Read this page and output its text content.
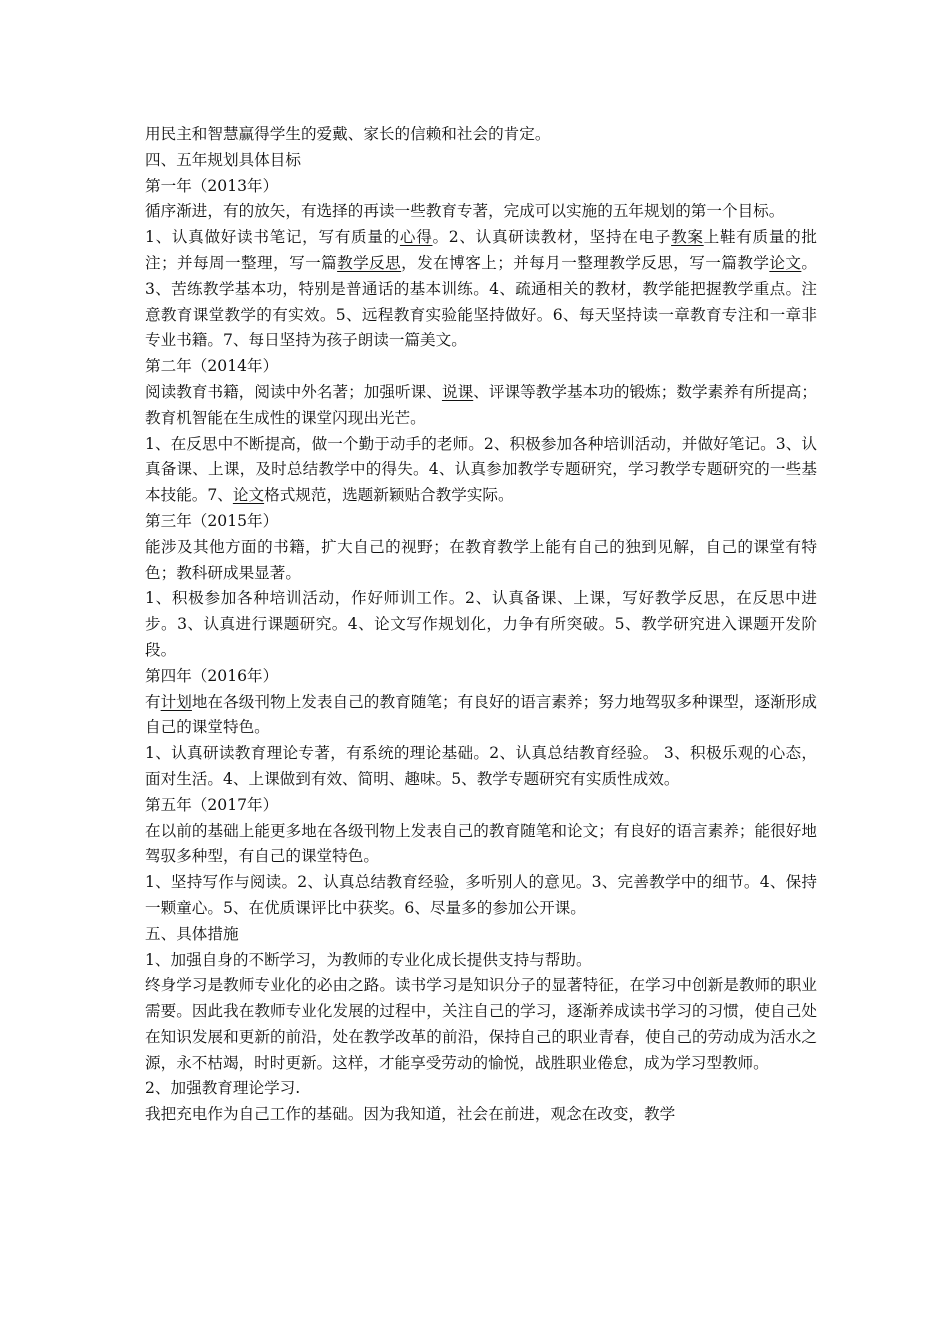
用民主和智慧赢得学生的爱戴、家长的信赖和社会的肯定。

四、五年规划具体目标

第一年（2013年）

循序渐进，有的放矢，有选择的再读一些教育专著，完成可以实施的五年规划的第一个目标。

1、认真做好读书笔记，写有质量的心得。2、认真研读教材，坚持在电子教案上鞋有质量的批注；并每周一整理，写一篇教学反思，发在博客上；并每月一整理教学反思，写一篇教学论文。3、苦练教学基本功，特别是普通话的基本训练。4、疏通相关的教材，教学能把握教学重点。注意教育课堂教学的有实效。5、远程教育实验能坚持做好。6、每天坚持读一章教育专注和一章非专业书籍。7、每日坚持为孩子朗读一篇美文。

第二年（2014年）

阅读教育书籍，阅读中外名著；加强听课、说课、评课等教学基本功的锻炼；数学素养有所提高；教育机智能在生成性的课堂闪现出光芒。

1、在反思中不断提高，做一个勤于动手的老师。2、积极参加各种培训活动，并做好笔记。3、认真备课、上课，及时总结教学中的得失。4、认真参加教学专题研究，学习教学专题研究的一些基本技能。7、论文格式规范，选题新颖贴合教学实际。

第三年（2015年）

能涉及其他方面的书籍，扩大自己的视野；在教育教学上能有自己的独到见解，自己的课堂有特色；教科研成果显著。

1、积极参加各种培训活动，作好师训工作。2、认真备课、上课，写好教学反思，在反思中进步。3、认真进行课题研究。4、论文写作规划化，力争有所突破。5、教学研究进入课题开发阶段。

第四年（2016年）

有计划地在各级刊物上发表自己的教育随笔；有良好的语言素养；努力地驾驭多种课型，逐渐形成自己的课堂特色。

1、认真研读教育理论专著，有系统的理论基础。2、认真总结教育经验。 3、积极乐观的心态，面对生活。4、上课做到有效、简明、趣味。5、教学专题研究有实质性成效。

第五年（2017年）

在以前的基础上能更多地在各级刊物上发表自己的教育随笔和论文；有良好的语言素养；能很好地驾驭多种型，有自己的课堂特色。

1、坚持写作与阅读。2、认真总结教育经验，多听别人的意见。3、完善教学中的细节。4、保持一颗童心。5、在优质课评比中获奖。6、尽量多的参加公开课。

五、具体措施

1、加强自身的不断学习，为教师的专业化成长提供支持与帮助。

终身学习是教师专业化的必由之路。读书学习是知识分子的显著特征，在学习中创新是教师的职业需要。因此我在教师专业化发展的过程中，关注自己的学习，逐渐养成读书学习的习惯，使自己处在知识发展和更新的前沿，处在教学改革的前沿，保持自己的职业青春，使自己的劳动成为活水之源，永不枯竭，时时更新。这样，才能享受劳动的愉悦，战胜职业倦怠，成为学习型教师。

2、加强教育理论学习.

我把充电作为自己工作的基础。因为我知道，社会在前进，观念在改变，教学
